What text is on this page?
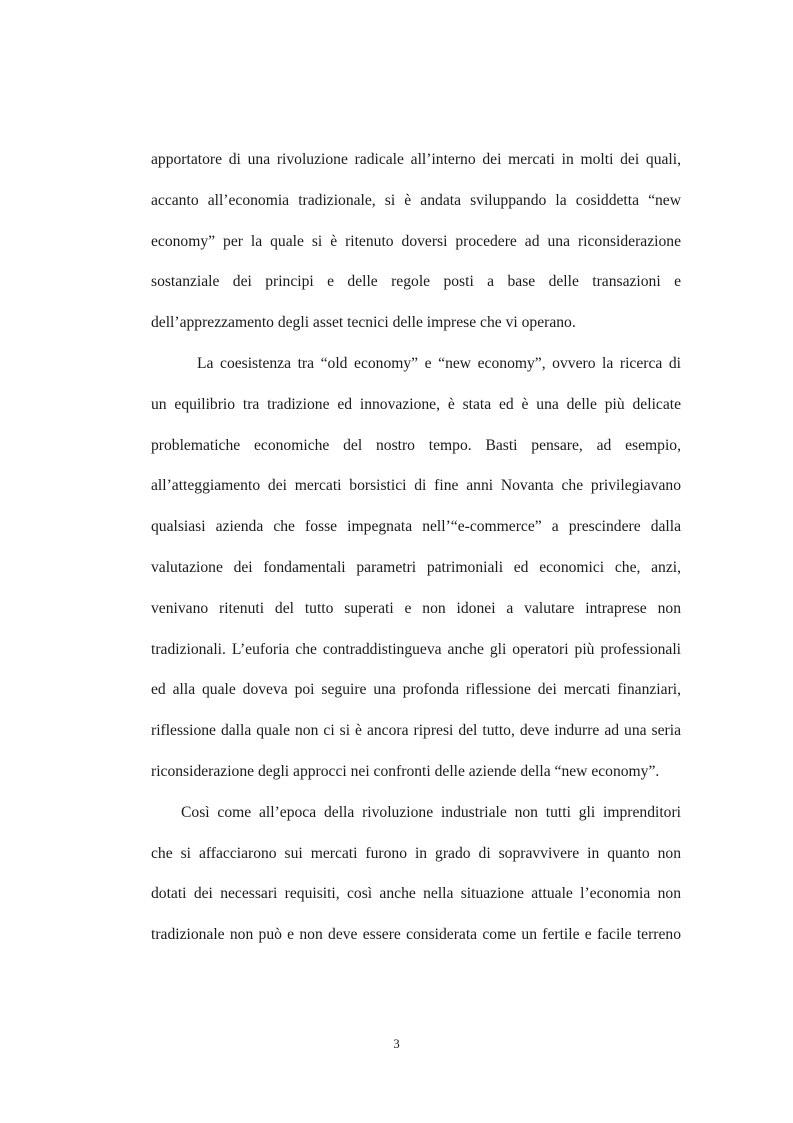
apportatore di una rivoluzione radicale all’interno dei mercati in molti dei quali,
accanto all’economia tradizionale, si è andata sviluppando la cosiddetta “new
economy” per la quale si è ritenuto doversi procedere ad una riconsiderazione
sostanziale dei principi e delle regole posti a base delle transazioni e
dell’apprezzamento degli asset tecnici delle imprese che vi operano.
La coesistenza tra “old economy” e “new economy”, ovvero la ricerca di
un equilibrio tra tradizione ed innovazione, è stata ed è una delle più delicate
problematiche economiche del nostro tempo. Basti pensare, ad esempio,
all’atteggiamento dei mercati borsistici di fine anni Novanta che privilegiavano
qualsiasi azienda che fosse impegnata nell’“e-commerce” a prescindere dalla
valutazione dei fondamentali parametri patrimoniali ed economici che, anzi,
venivano ritenuti del tutto superati e non idonei a valutare intraprese non
tradizionali. L’euforia che contraddistingueva anche gli operatori più professionali
ed alla quale doveva poi seguire una profonda riflessione dei mercati finanziari,
riflessione dalla quale non ci si è ancora ripresi del tutto, deve indurre ad una seria
riconsiderazione degli approcci nei confronti delle aziende della “new economy”.
Così come all’epoca della rivoluzione industriale non tutti gli imprenditori
che si affacciarono sui mercati furono in grado di sopravvivere in quanto non
dotati dei necessari requisiti, così anche nella situazione attuale l’economia non
tradizionale non può e non deve essere considerata come un fertile e facile terreno
3
